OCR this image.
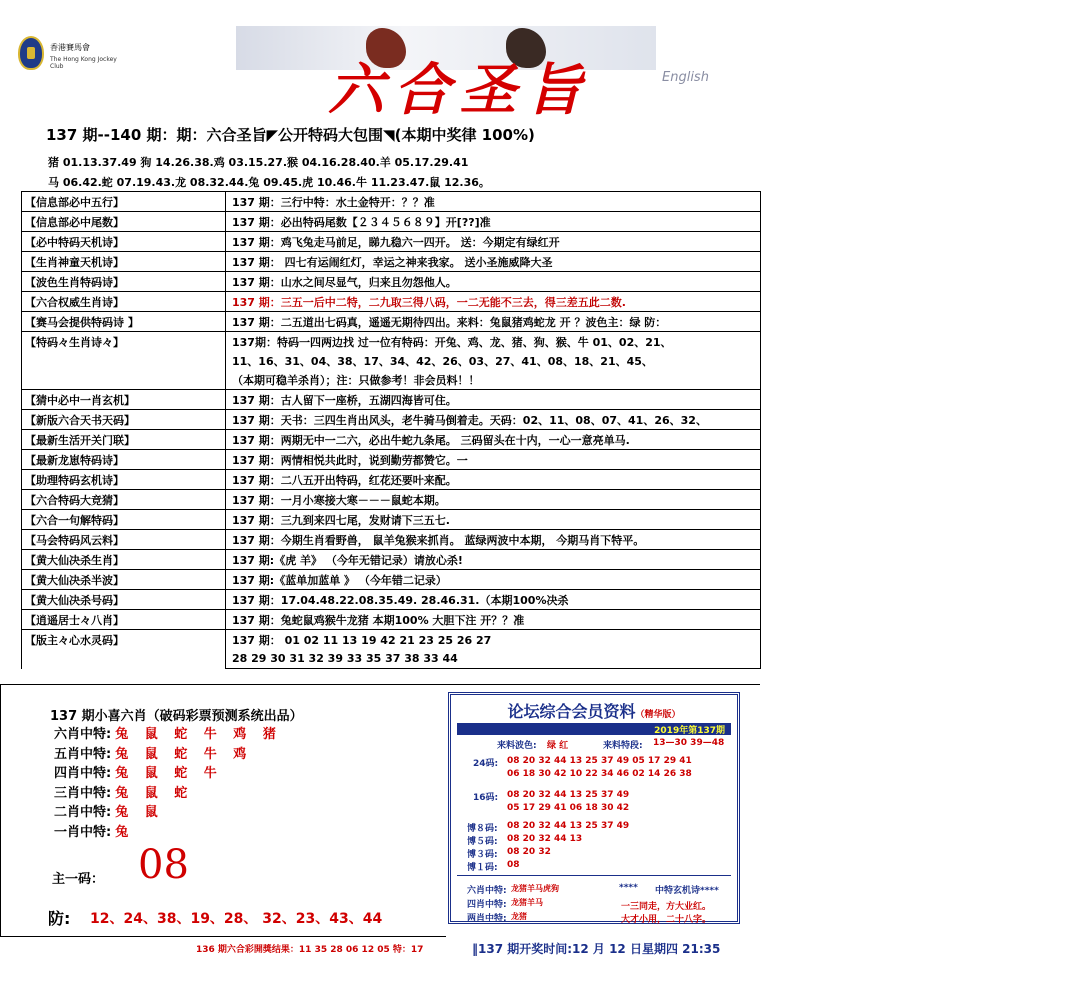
香港賽馬會
The Hong Kong Jockey Club	六合圣旨	English
137 期--140 期：期：六合圣旨◤公开特码大包围◥(本期中奖律 100%)
猪 01.13.37.49 狗 14.26.38.鸡 03.15.27.猴 04.16.28.40.羊 05.17.29.41
马 06.42.蛇 07.19.43.龙 08.32.44.兔 09.45.虎 10.46.牛 11.23.47.鼠 12.36。
【信息部必中五行】	137 期：三行中特：水土金特开：？？准
【信息部必中尾数】	137 期：必出特码尾数【２３４５６８９】开[??]准
【必中特码天机诗】	137 期：鸡飞兔走马前足，睇九稳六一四开。 送：今期定有绿红开
【生肖神童天机诗】	137 期： 四七有运闹红灯，幸运之神来我家。 送小圣施威降大圣
【波色生肖特码诗】	137 期：山水之间尽显气，归来且勿怨他人。
【六合权威生肖诗】	137 期：三五一后中二特，二九取三得八码，一二无能不三去，得三差五此二数.
【赛马会提供特码诗 】	137 期：二五道出七码真，遥遥无期待四出。来料：兔鼠猪鸡蛇龙 开 ？波色主：绿 防：
【特码々生肖诗々】	137期：特码一四两边找 过一位有特码：开兔、鸡、龙、猪、狗、猴、牛 01、02、21、
	11、16、31、04、38、17、34、42、26、03、27、41、08、18、21、45、
	（本期可稳羊杀肖）；注：只做参考！非会员料！！
【猜中必中一肖玄机】	137 期：古人留下一座桥，五湖四海皆可住。
【新版六合天书天码】	137 期：天书：三四生肖出风头，老牛骑马倒着走。天码：02、11、08、07、41、26、32、
【最新生活开关门联】	137 期：两期无中一二六，必出牛蛇九条尾。 三码留头在十内，一心一意亮单马.
【最新龙崽特码诗】	137 期：两情相悦共此时，说到勤劳都赞它。一
【助理特码玄机诗】	137 期：二八五开出特码，红花还要叶来配。
【六合特码大竞猜】	137 期：一月小寒接大寒－－－鼠蛇本期。
【六合一句解特码】	137 期：三九到来四七尾，发财请下三五七.
【马会特码风云料】	137 期：今期生肖看野兽， 鼠羊兔猴来抓肖。 蓝绿两波中本期， 今期马肖下特平。
【黄大仙决杀生肖】	137 期:《虎 羊》 （今年无错记录）请放心杀!
【黄大仙决杀半波】	137 期:《蓝单加蓝单 》 （今年错二记录）
【黄大仙决杀号码】	137 期：17.04.48.22.08.35.49. 28.46.31.（本期100%决杀
【逍遥居士々八肖】	137 期：兔蛇鼠鸡猴牛龙猪 本期100% 大胆下注 开？？准
【版主々心水灵码】	137 期： 01 02 11 13 19 42 21 23 25 26 27
	28 29 30 31 32 39 33 35 37 38 33 44
137 期小喜六肖（破码彩票预测系统出品）
六肖中特: 兔 鼠 蛇 牛 鸡 猪
五肖中特: 兔 鼠 蛇 牛 鸡
四肖中特: 兔 鼠 蛇 牛
三肖中特: 兔 鼠 蛇
二肖中特: 兔 鼠
一肖中特: 兔
主一码： 08
防: 12、24、38、19、28、 32、23、43、44
论坛综合会员资料（精华版）
2019年第137期
来料波色: 绿 红	来料特段: 13—30 39—48
24码: 08 20 32 44 13 25 37 49 05 17 29 41
06 18 30 42 10 22 34 46 02 14 26 38
16码: 08 20 32 44 13 25 37 49
05 17 29 41 06 18 30 42
博８码: 08 20 32 44 13 25 37 49
博５码: 08 20 32 44 13
博３码: 08 20 32
博１码: 08
六肖中特: 龙猪羊马虎狗
四肖中特: 龙猪羊马
两肖中特: 龙猪
**** 中特玄机诗****
一三同走，方大业红。
大才小用，二十八字。
136 期六合彩開獎结果：11 35 28 06 12 05 特：17	‖137 期开奖时间:12 月 12 日星期四 21:35
